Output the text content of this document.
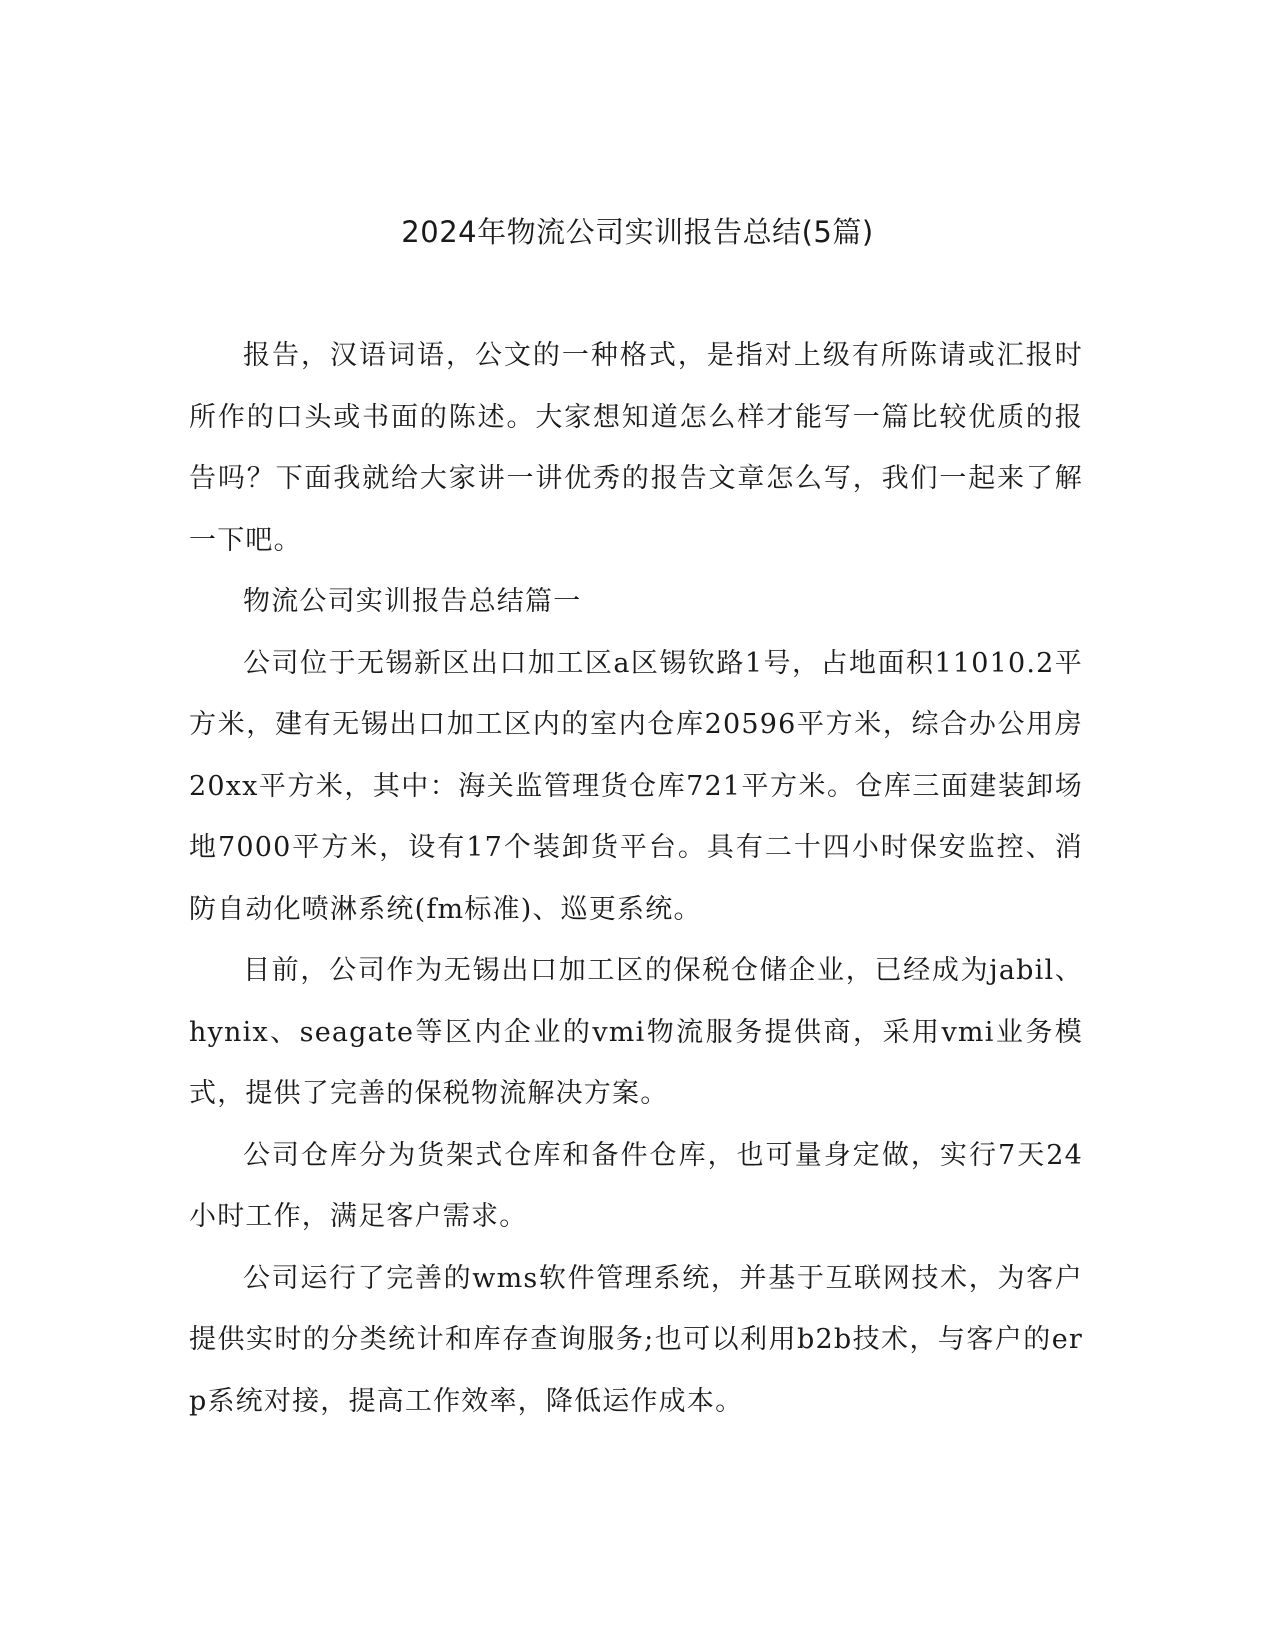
2024年物流公司实训报告总结(5篇)

报告，汉语词语，公文的一种格式，是指对上级有所陈请或汇报时所作的口头或书面的陈述。大家想知道怎么样才能写一篇比较优质的报告吗？下面我就给大家讲一讲优秀的报告文章怎么写，我们一起来了解一下吧。

物流公司实训报告总结篇一

公司位于无锡新区出口加工区a区锡钦路1号，占地面积11010.2平方米，建有无锡出口加工区内的室内仓库20596平方米，综合办公用房20xx平方米，其中：海关监管理货仓库721平方米。仓库三面建装卸场地7000平方米，设有17个装卸货平台。具有二十四小时保安监控、消防自动化喷淋系统(fm标准)、巡更系统。

目前，公司作为无锡出口加工区的保税仓储企业，已经成为jabil、hynix、seagate等区内企业的vmi物流服务提供商，采用vmi业务模式，提供了完善的保税物流解决方案。

公司仓库分为货架式仓库和备件仓库，也可量身定做，实行7天24小时工作，满足客户需求。

公司运行了完善的wms软件管理系统，并基于互联网技术，为客户提供实时的分类统计和库存查询服务;也可以利用b2b技术，与客户的erp系统对接，提高工作效率，降低运作成本。
